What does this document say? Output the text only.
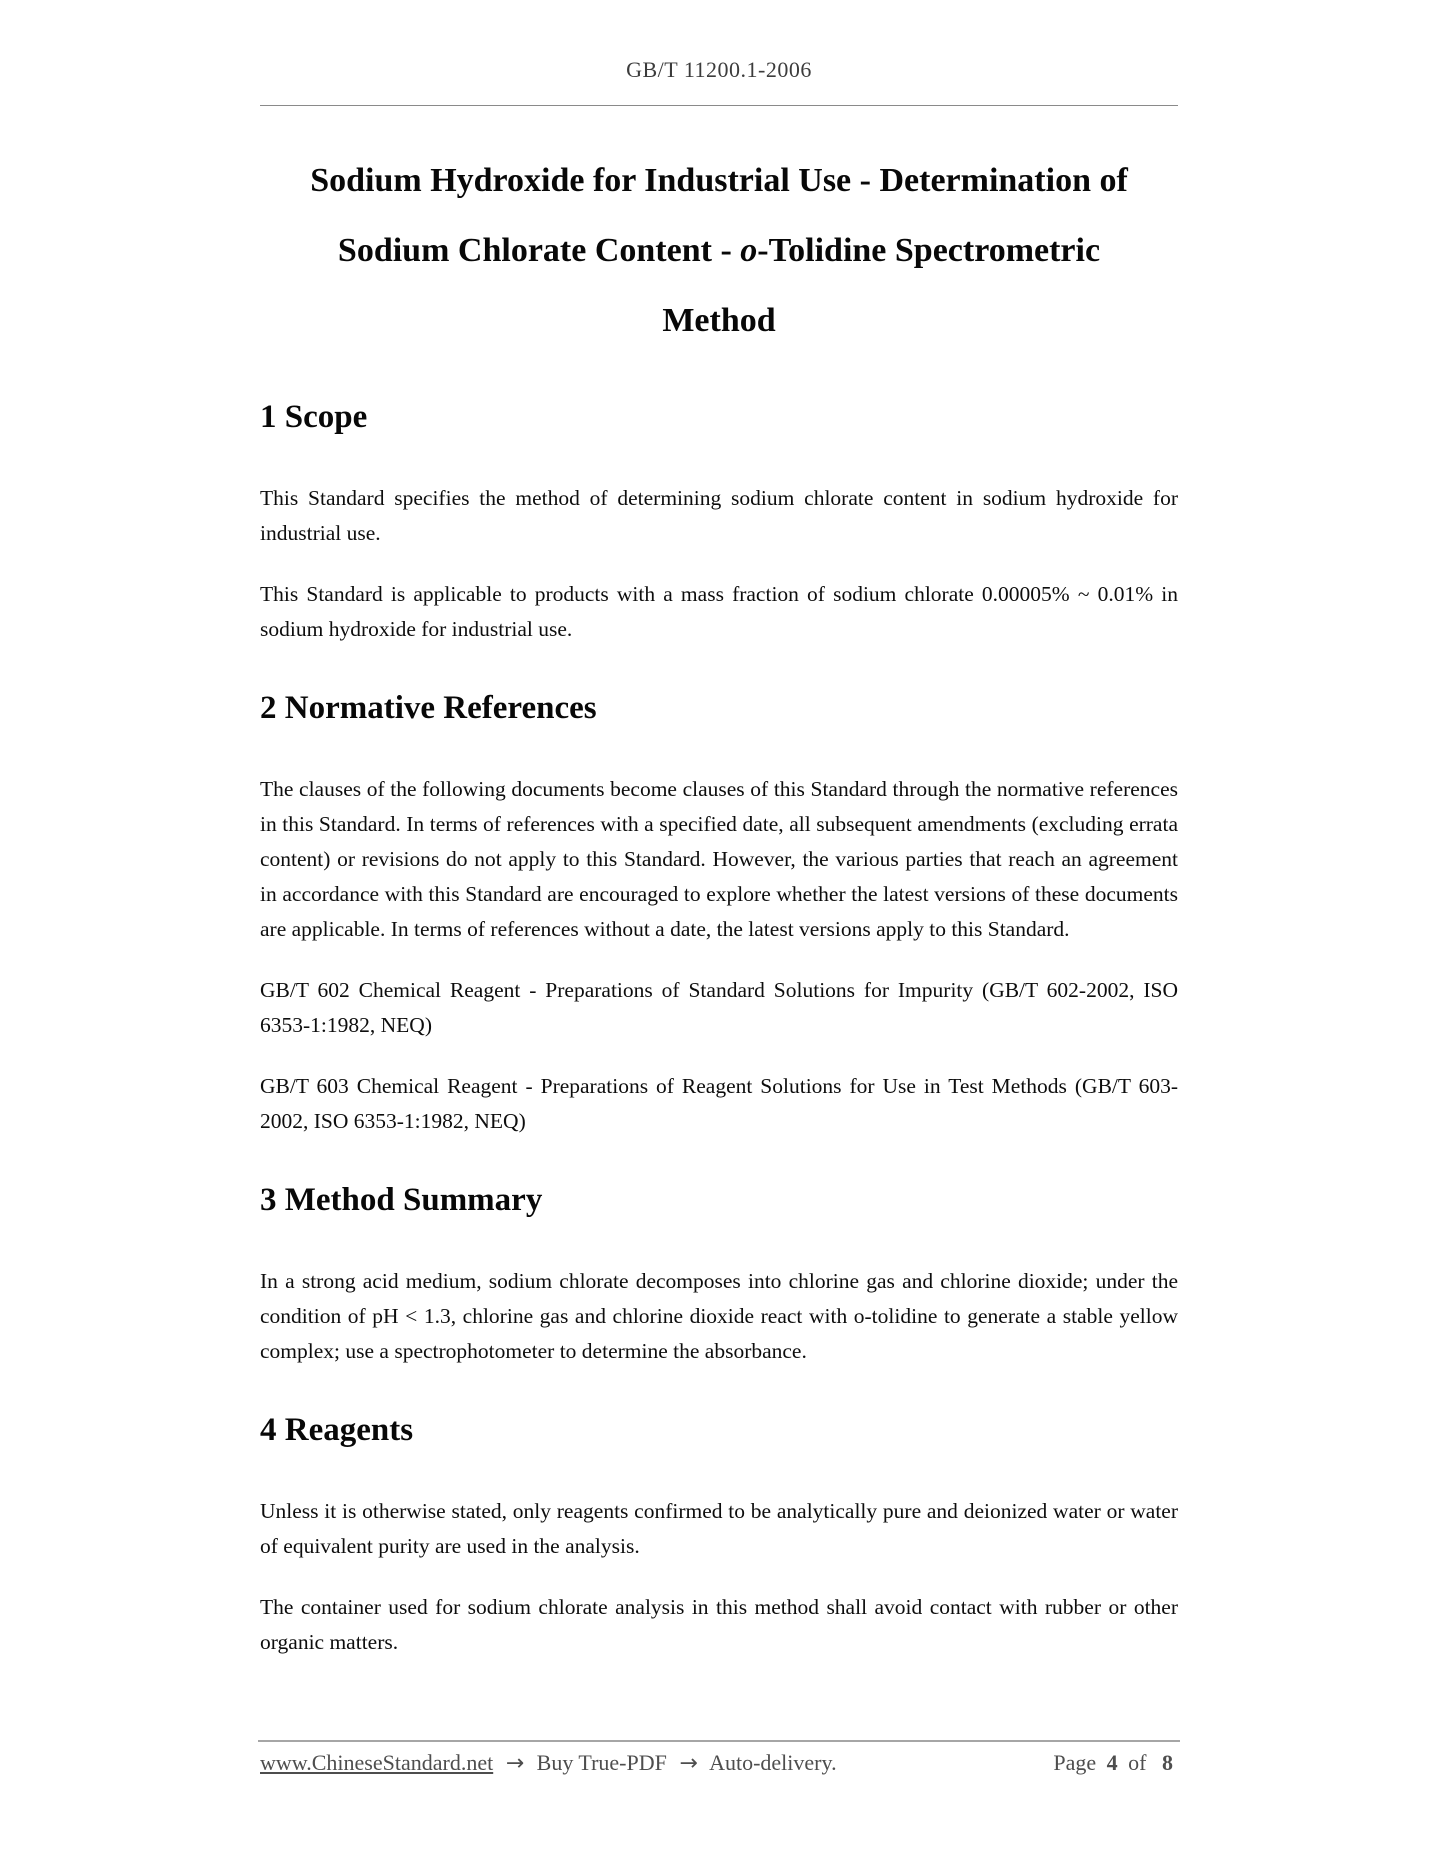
GB/T 11200.1-2006
Sodium Hydroxide for Industrial Use - Determination of
Sodium Chlorate Content - o-Tolidine Spectrometric
Method
1 Scope

This Standard specifies the method of determining sodium chlorate content in sodium hydroxide for industrial use.

This Standard is applicable to products with a mass fraction of sodium chlorate 0.00005% ~ 0.01% in sodium hydroxide for industrial use.

2 Normative References

The clauses of the following documents become clauses of this Standard through the normative references in this Standard. In terms of references with a specified date, all subsequent amendments (excluding errata content) or revisions do not apply to this Standard. However, the various parties that reach an agreement in accordance with this Standard are encouraged to explore whether the latest versions of these documents are applicable. In terms of references without a date, the latest versions apply to this Standard.

GB/T 602 Chemical Reagent - Preparations of Standard Solutions for Impurity (GB/T 602-2002, ISO 6353-1:1982, NEQ)

GB/T 603 Chemical Reagent - Preparations of Reagent Solutions for Use in Test Methods (GB/T 603-2002, ISO 6353-1:1982, NEQ)

3 Method Summary

In a strong acid medium, sodium chlorate decomposes into chlorine gas and chlorine dioxide; under the condition of pH < 1.3, chlorine gas and chlorine dioxide react with o-tolidine to generate a stable yellow complex; use a spectrophotometer to determine the absorbance.

4 Reagents

Unless it is otherwise stated, only reagents confirmed to be analytically pure and deionized water or water of equivalent purity are used in the analysis.

The container used for sodium chlorate analysis in this method shall avoid contact with rubber or other organic matters.

www.ChineseStandard.net → Buy True-PDF → Auto-delivery.	Page 4 of 8
